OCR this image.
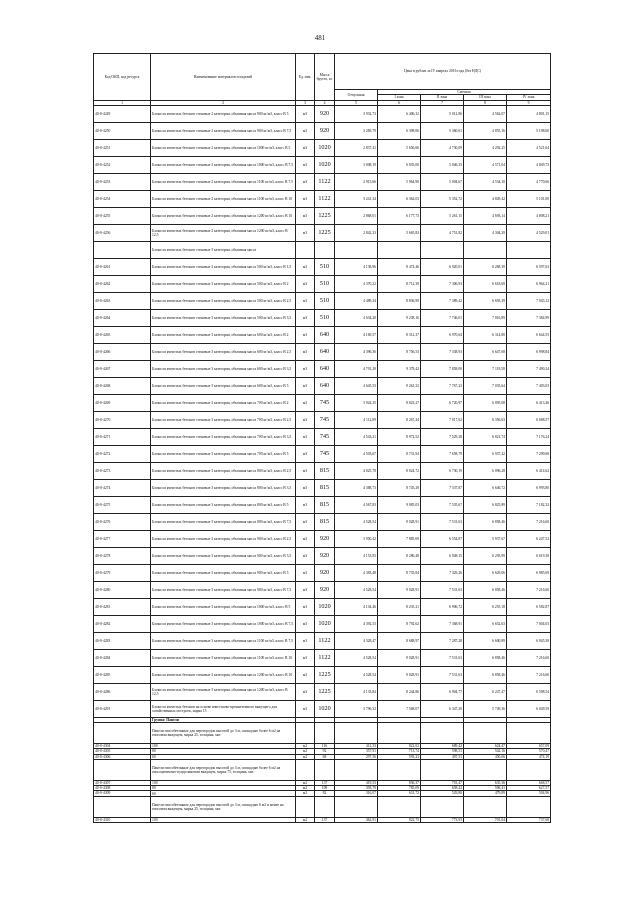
481
Код ОКП, код ресурса	Наименование материалов и изделий	Ед. изм.	Масса брутто, кг	Цена в рублях за IV квартал 2016 года (без НДС)				
				Отпускная	Сметная			
					I зона	II зона	III зона	IV зона
1	2	3	4	5	6	7	8	9
40-0-4249	Блоки из ячеистых бетонов стеновые 2 категории, объемная масса 900 кг/м3, класс В 5	м3	920	3 932,73	6 406,32	5 012,86	4 562,07	4 801,15
40-0-4250	Блоки из ячеистых бетонов стеновые 2 категории, объемная масса 900 кг/м3, класс В 7,5	м3	920	3 269,79	6 398,06	5 360,61	4 855,16	5 198,60
40-0-4251	Блоки из ячеистых бетонов стеновые 2 категории, объемная масса 1000 кг/м3, класс В 5	м3	1020	2 837,41	5 656,66	4 730,09	4 292,25	4 521,64
40-0-4252	Блоки из ячеистых бетонов стеновые 2 категории, объемная масса 1000 кг/м3, класс В 7,5	м3	1020	3 008,19	6 035,00	5 046,33	4 571,04	4 849,73
40-0-4253	Блоки из ячеистых бетонов стеновые 2 категории, объемная масса 1100 кг/м3, класс В 7,5	м3	1122	2 915,66	5 964,90	5 004,67	4 534,10	4 770,66
40-0-4254	Блоки из ячеистых бетонов стеновые 2 категории, объемная масса 1100 кг/м3, класс В 10	м3	1122	3 241,34	6 362,03	5 352,72	4 849,42	5 101,00
40-0-4255	Блоки из ячеистых бетонов стеновые 2 категории, объемная масса 1200 кг/м3, класс В 10	м3	1225	2 868,01	6 177,73	5 261,15	4 693,14	4 808,21
40-0-4256	Блоки из ячеистых бетонов стеновые 2 категории, объемная масса 1200 кг/м3, класс В 12,5	м3	1225	2 842,33	5 665,82	4 751,82	4 304,29	4 529,01
	Блоки из ячеистых бетонов стеновые 3 категории, объемная масса							
40-0-4261	Блоки из ячеистых бетонов стеновые 3 категории, объемная масса 500 кг/м3, класс В 1,5	м3	510	4 138,96	8 474,46	6 920,01	6 268,39	6 597,63
40-0-4262	Блоки из ячеистых бетонов стеновые 3 категории, объемная масса 500 кг/м3, класс В 2	м3	510	4 370,22	8 712,39	7 306,93	6 618,69	6 964,21
40-0-4263	Блоки из ячеистых бетонов стеновые 3 категории, объемная масса 500 кг/м3, класс В 2,5	м3	510	4 489,34	8 836,99	7 389,42	6 693,39	7 045,12
40-0-4264	Блоки из ячеистых бетонов стеновые 3 категории, объемная масса 500 кг/м3, класс В 3,5	м3	510	4 634,20	9 238,16	7 746,01	7 016,89	7 384,99
40-0-4265	Блоки из ячеистых бетонов стеновые 3 категории, объемная масса 600 кг/м3, класс В 2	м3	640	4 169,57	8 312,37	6 970,64	6 314,80	6 644,55
40-0-4266	Блоки из ячеистых бетонов стеновые 3 категории, объемная масса 600 кг/м3, класс В 2,5	м3	640	4 396,36	8 756,53	7 338,93	6 647,68	6 998,84
40-0-4267	Блоки из ячеистых бетонов стеновые 3 категории, объемная масса 600 кг/м3, класс В 3,5	м3	640	4 701,29	9 378,42	7 858,00	7 118,58	7 490,24
40-0-4268	Блоки из ячеистых бетонов стеновые 3 категории, объемная масса 600 кг/м3, класс В 5	м3	640	4 645,53	9 261,23	7 767,23	7 035,64	7 403,03
40-0-4269	Блоки из ячеистых бетонов стеновые 3 категории, объемная масса 700 кг/м3, класс В 2	м3	745	3 924,35	8 023,27	6 720,97	6 095,08	6 413,46
40-0-4270	Блоки из ячеистых бетонов стеновые 3 категории, объемная масса 700 кг/м3, класс В 2,5	м3	745	4 112,09	8 267,44	7 017,62	6 356,63	6 688,57
40-0-4271	Блоки из ячеистых бетонов стеновые 3 категории, объемная масса 700 кг/м3, класс В 3,5	м3	745	4 543,21	8 972,52	7 529,28	6 821,74	7 176,24
40-0-4272	Блоки из ячеистых бетонов стеновые 3 категории, объемная масса 700 кг/м3, класс В 5	м3	745	4 503,67	8 731,94	7 658,79	6 937,42	7 299,68
40-0-4273	Блоки из ячеистых бетонов стеновые 3 категории, объемная масса 800 кг/м3, класс В 2,5	м3	815	4 025,78	8 024,72	6 730,19	6 096,28	6 414,62
40-0-4274	Блоки из ячеистых бетонов стеновые 3 категории, объемная масса 800 кг/м3, класс В 3,5	м3	815	4 388,73	8 745,29	7 337,87	6 646,72	6 993,80
40-0-4275	Блоки из ячеистых бетонов стеновые 3 категории, объемная масса 800 кг/м3, класс В 5	м3	815	4 567,83	9 085,03	7 535,67	6 825,89	7 182,32
40-0-4276	Блоки из ячеистых бетонов стеновые 3 категории, объемная масса 800 кг/м3, класс В 7,5	м3	815	4 528,54	9 028,91	7 531,63	6 858,46	7 216,60
40-0-4277	Блоки из ячеистых бетонов стеновые 3 категории, объемная масса 900 кг/м3, класс В 2,5	м3	920	3 950,42	7 885,69	6 554,87	5 937,67	6 247,52
40-0-4278	Блоки из ячеистых бетонов стеновые 3 категории, объемная масса 900 кг/м3, класс В 3,5	м3	920	4 153,83	8 286,48	6 948,15	6 293,99	6 619,30
40-0-4279	Блоки из ячеистых бетонов стеновые 3 категории, объемная масса 900 кг/м3, класс В 5	м3	920	4 383,48	8 735,84	7 329,26	6 629,06	6 985,69
40-0-4280	Блоки из ячеистых бетонов стеновые 3 категории, объемная масса 900 кг/м3, класс В 7,5	м3	920	4 528,54	9 028,91	7 531,63	6 858,46	7 216,60
40-0-4281	Блоки из ячеистых бетонов стеновые 3 категории, объемная масса 1000 кг/м3, класс В 5	м3	1020	4 134,46	8 235,21	6 906,72	6 255,18	6 582,87
40-0-4282	Блоки из ячеистых бетонов стеновые 3 категории, объемная масса 1000 кг/м3, класс В 7,5	м3	1020	4 392,53	8 792,62	7 368,91	6 652,63	7 004,03
40-0-4283	Блоки из ячеистых бетонов стеновые 3 категории, объемная масса 1100 кг/м3, класс В 7,5	м3	1122	4 328,47	8 688,97	7 287,28	6 600,89	6 945,38
40-0-4284	Блоки из ячеистых бетонов стеновые 3 категории, объемная масса 1100 кг/м3, класс В 10	м3	1122	4 528,54	9 028,91	7 531,63	6 858,46	7 216,60
40-0-4285	Блоки из ячеистых бетонов стеновые 3 категории, объемная масса 1200 кг/м3, класс В 10	м3	1225	4 528,54	9 028,91	7 531,63	6 858,46	7 216,60
40-0-4286	Блоки из ячеистых бетонов стеновые 3 категории, объемная масса 1200 кг/м3, класс В 12,5	м3	1225	4 133,84	8 244,86	6 904,77	6 247,47	6 598,54
40-0-4291	Блоки из ячеистых бетонов на основе известково-кремнеземного вяжущего для хозяйственных построек, марка 15	м3	1020	3 796,32	7 568,07	6 347,20	5 749,36	6 049,59
	Группа: Панели							
	Панели гипсобетонные для перегородок высотой до 3 м, площадью более 6 м2 на гипсовом вяжущем, марка 25, толщина, мм:							
40-0-4304	100	м2	116	412,33	822,02	689,42	624,47	657,09
40-0-4305	80	м2	92	357,91	713,74	598,51	542,16	570,47
40-0-4306	60	м2	68	297,56	593,23	497,51	450,66	474,19
	Панели гипсобетонные для перегородок высотой до 3 м, площадью более 6 м2 на гипсоцементно-пуццолановом вяжущем, марка 75, толщина, мм:							
40-0-4307	100	м2	137	419,53	836,37	701,47	635,36	668,57
40-0-4308	80	м2	109	393,79	785,09	658,42	596,41	627,57
40-0-4309	60	м2	82	316,07	631,72	529,80	479,89	504,96
	Панели гипсобетонные для перегородок высотой до 3 м, площадью 6 м2 и менее на гипсовом вяжущем, марка 25, толщина, мм:							
40-0-4310	100	м2	137	462,91	922,75	773,93	701,04	737,68
